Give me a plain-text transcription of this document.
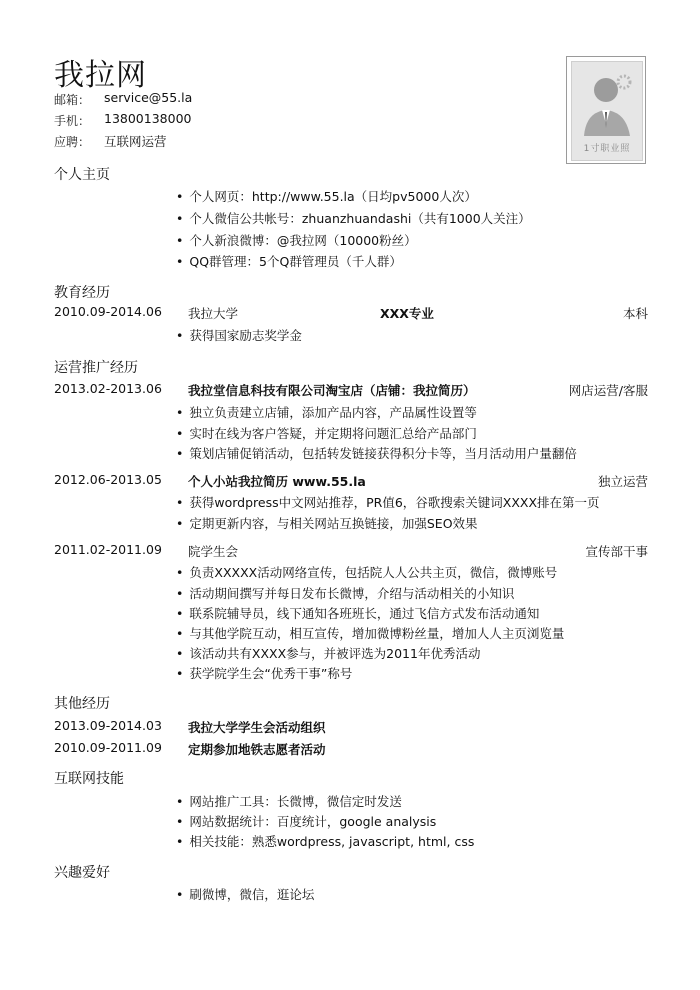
我拉网
邮箱： service@55.la
手机： 13800138000
应聘： 互联网运营	1寸职业照
个人主页
• 个人网页：http://www.55.la（日均pv5000人次）
• 个人微信公共帐号：zhuanzhuandashi（共有1000人关注）
• 个人新浪微博：@我拉网（10000粉丝）
• QQ群管理：5个Q群管理员（千人群）
教育经历
2010.09-2014.06 我拉大学	XXX专业	本科
• 获得国家励志奖学金
运营推广经历
2013.02-2013.06 我拉堂信息科技有限公司淘宝店（店铺：我拉简历）	网店运营/客服
• 独立负责建立店铺，添加产品内容，产品属性设置等
• 实时在线为客户答疑，并定期将问题汇总给产品部门
• 策划店铺促销活动，包括转发链接获得积分卡等，当月活动用户量翻倍
2012.06-2013.05 个人小站我拉简历 www.55.la	独立运营
• 获得wordpress中文网站推荐，PR值6，谷歌搜索关键词XXXX排在第一页
• 定期更新内容，与相关网站互换链接，加强SEO效果
2011.02-2011.09 院学生会	宣传部干事
• 负责XXXXX活动网络宣传，包括院人人公共主页，微信，微博账号
• 活动期间撰写并每日发布长微博，介绍与活动相关的小知识
• 联系院辅导员，线下通知各班班长，通过飞信方式发布活动通知
• 与其他学院互动，相互宣传，增加微博粉丝量，增加人人主页浏览量
• 该活动共有XXXX参与，并被评选为2011年优秀活动
• 获学院学生会“优秀干事”称号
其他经历
2013.09-2014.03 我拉大学学生会活动组织
2010.09-2011.09 定期参加地铁志愿者活动
互联网技能
• 网站推广工具：长微博，微信定时发送
• 网站数据统计：百度统计，google analysis
• 相关技能：熟悉wordpress, javascript, html, css
兴趣爱好
• 刷微博，微信，逛论坛
